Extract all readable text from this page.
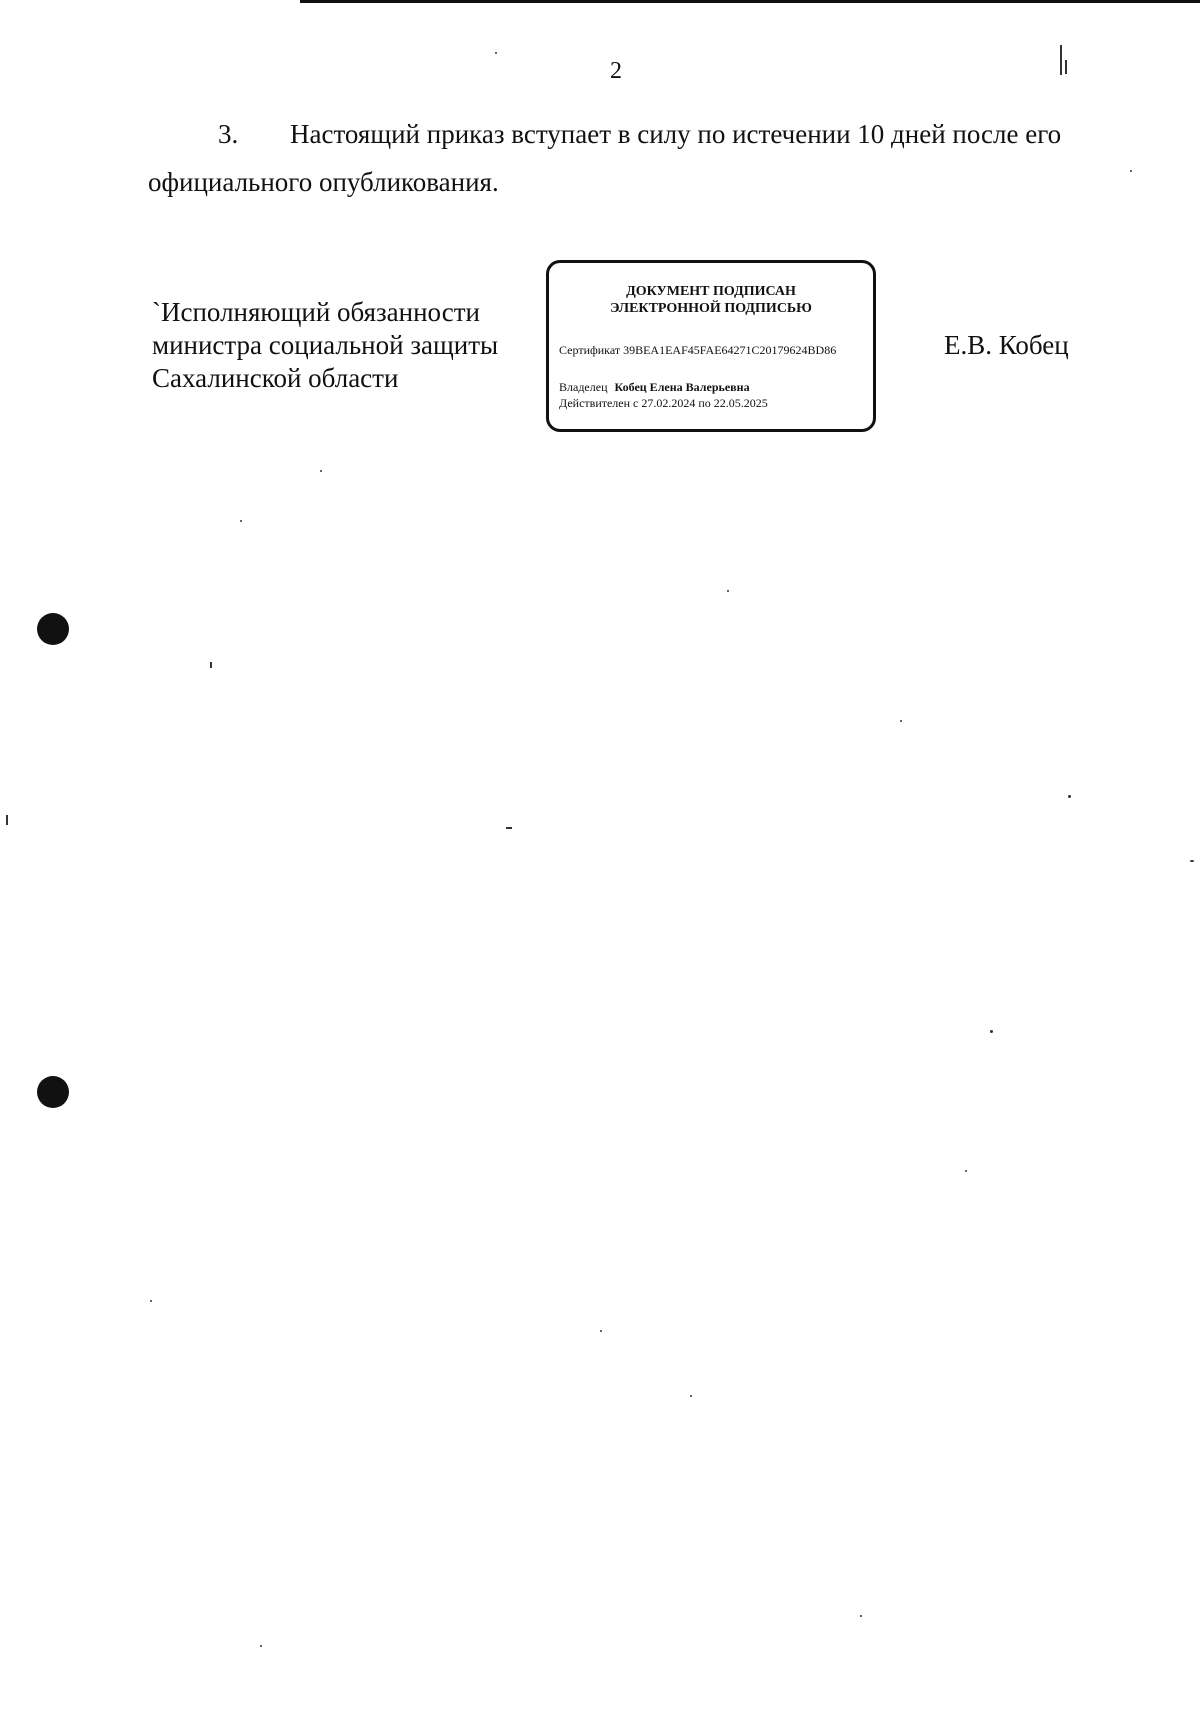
2
3. Настоящий приказ вступает в силу по истечении 10 дней после его
официального опубликования.
`Исполняющий обязанности
министра социальной защиты
Сахалинской области
ДОКУМЕНТ ПОДПИСАН
ЭЛЕКТРОННОЙ ПОДПИСЬЮ
Сертификат 39BEA1EAF45FAE64271C20179624BD86
Владелец Кобец Елена Валерьевна
Действителен с 27.02.2024 по 22.05.2025
Е.В. Кобец
